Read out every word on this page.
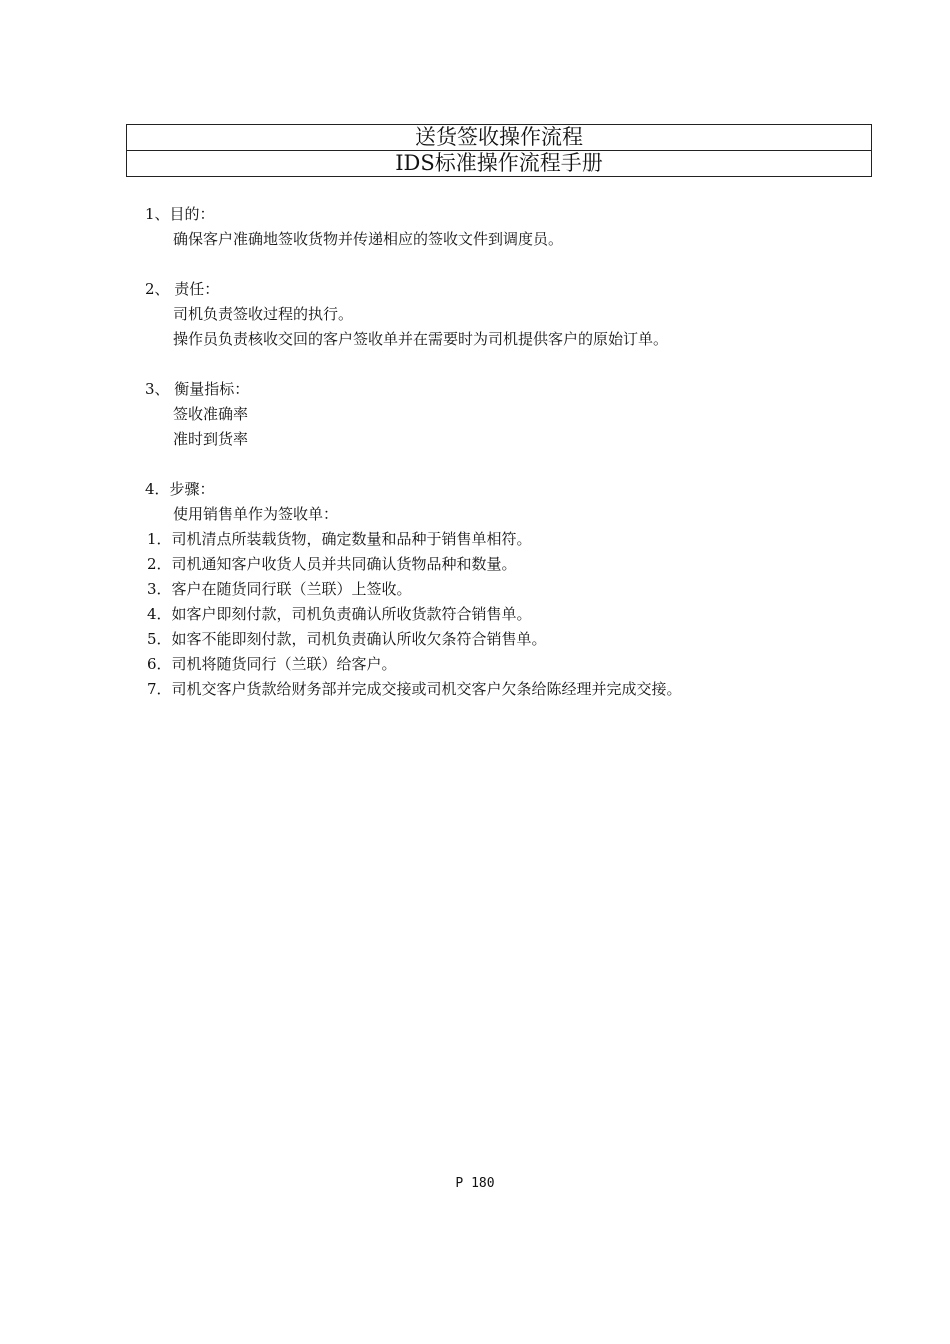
送货签收操作流程
IDS标准操作流程手册
1、目的：
确保客户准确地签收货物并传递相应的签收文件到调度员。
2、 责任：
司机负责签收过程的执行。
操作员负责核收交回的客户签收单并在需要时为司机提供客户的原始订单。
3、 衡量指标：
签收准确率
准时到货率
4．步骤：
使用销售单作为签收单：
1．司机清点所装载货物，确定数量和品种于销售单相符。
2．司机通知客户收货人员并共同确认货物品种和数量。
3．客户在随货同行联（兰联）上签收。
4．如客户即刻付款，司机负责确认所收货款符合销售单。
5．如客不能即刻付款，司机负责确认所收欠条符合销售单。
6．司机将随货同行（兰联）给客户。
7．司机交客户货款给财务部并完成交接或司机交客户欠条给陈经理并完成交接。
P 180
